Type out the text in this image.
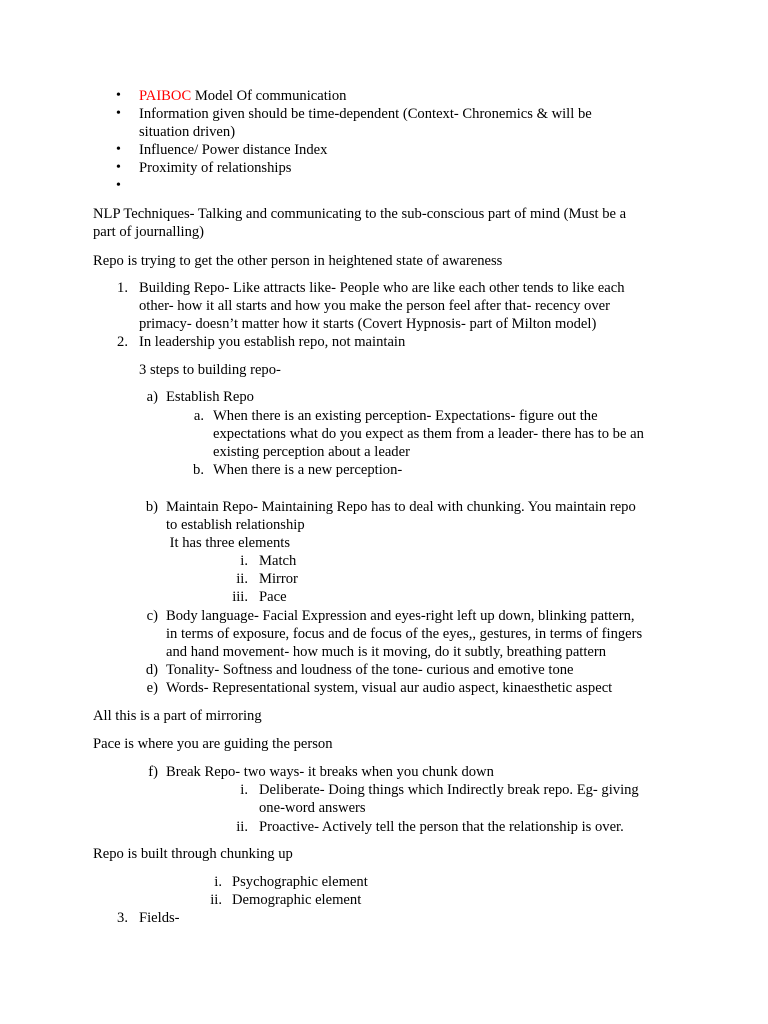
• PAIBOC Model Of communication
• Information given should be time-dependent (Context- Chronemics & will be
situation driven)
• Influence/ Power distance Index
• Proximity of relationships
•
NLP Techniques- Talking and communicating to the sub-conscious part of mind (Must be a
part of journalling)
Repo is trying to get the other person in heightened state of awareness
1. Building Repo- Like attracts like- People who are like each other tends to like each
other- how it all starts and how you make the person feel after that- recency over
primacy- doesn’t matter how it starts (Covert Hypnosis- part of Milton model)
2. In leadership you establish repo, not maintain
3 steps to building repo-
a) Establish Repo
a. When there is an existing perception- Expectations- figure out the
expectations what do you expect as them from a leader- there has to be an
existing perception about a leader
b. When there is a new perception-
b) Maintain Repo- Maintaining Repo has to deal with chunking. You maintain repo
to establish relationship
It has three elements
i. Match
ii. Mirror
iii. Pace
c) Body language- Facial Expression and eyes-right left up down, blinking pattern,
in terms of exposure, focus and de focus of the eyes,, gestures, in terms of fingers
and hand movement- how much is it moving, do it subtly, breathing pattern
d) Tonality- Softness and loudness of the tone- curious and emotive tone
e) Words- Representational system, visual aur audio aspect, kinaesthetic aspect
All this is a part of mirroring
Pace is where you are guiding the person
f) Break Repo- two ways- it breaks when you chunk down
i. Deliberate- Doing things which Indirectly break repo. Eg- giving
one-word answers
ii. Proactive- Actively tell the person that the relationship is over.
Repo is built through chunking up
i. Psychographic element
ii. Demographic element
3. Fields-
